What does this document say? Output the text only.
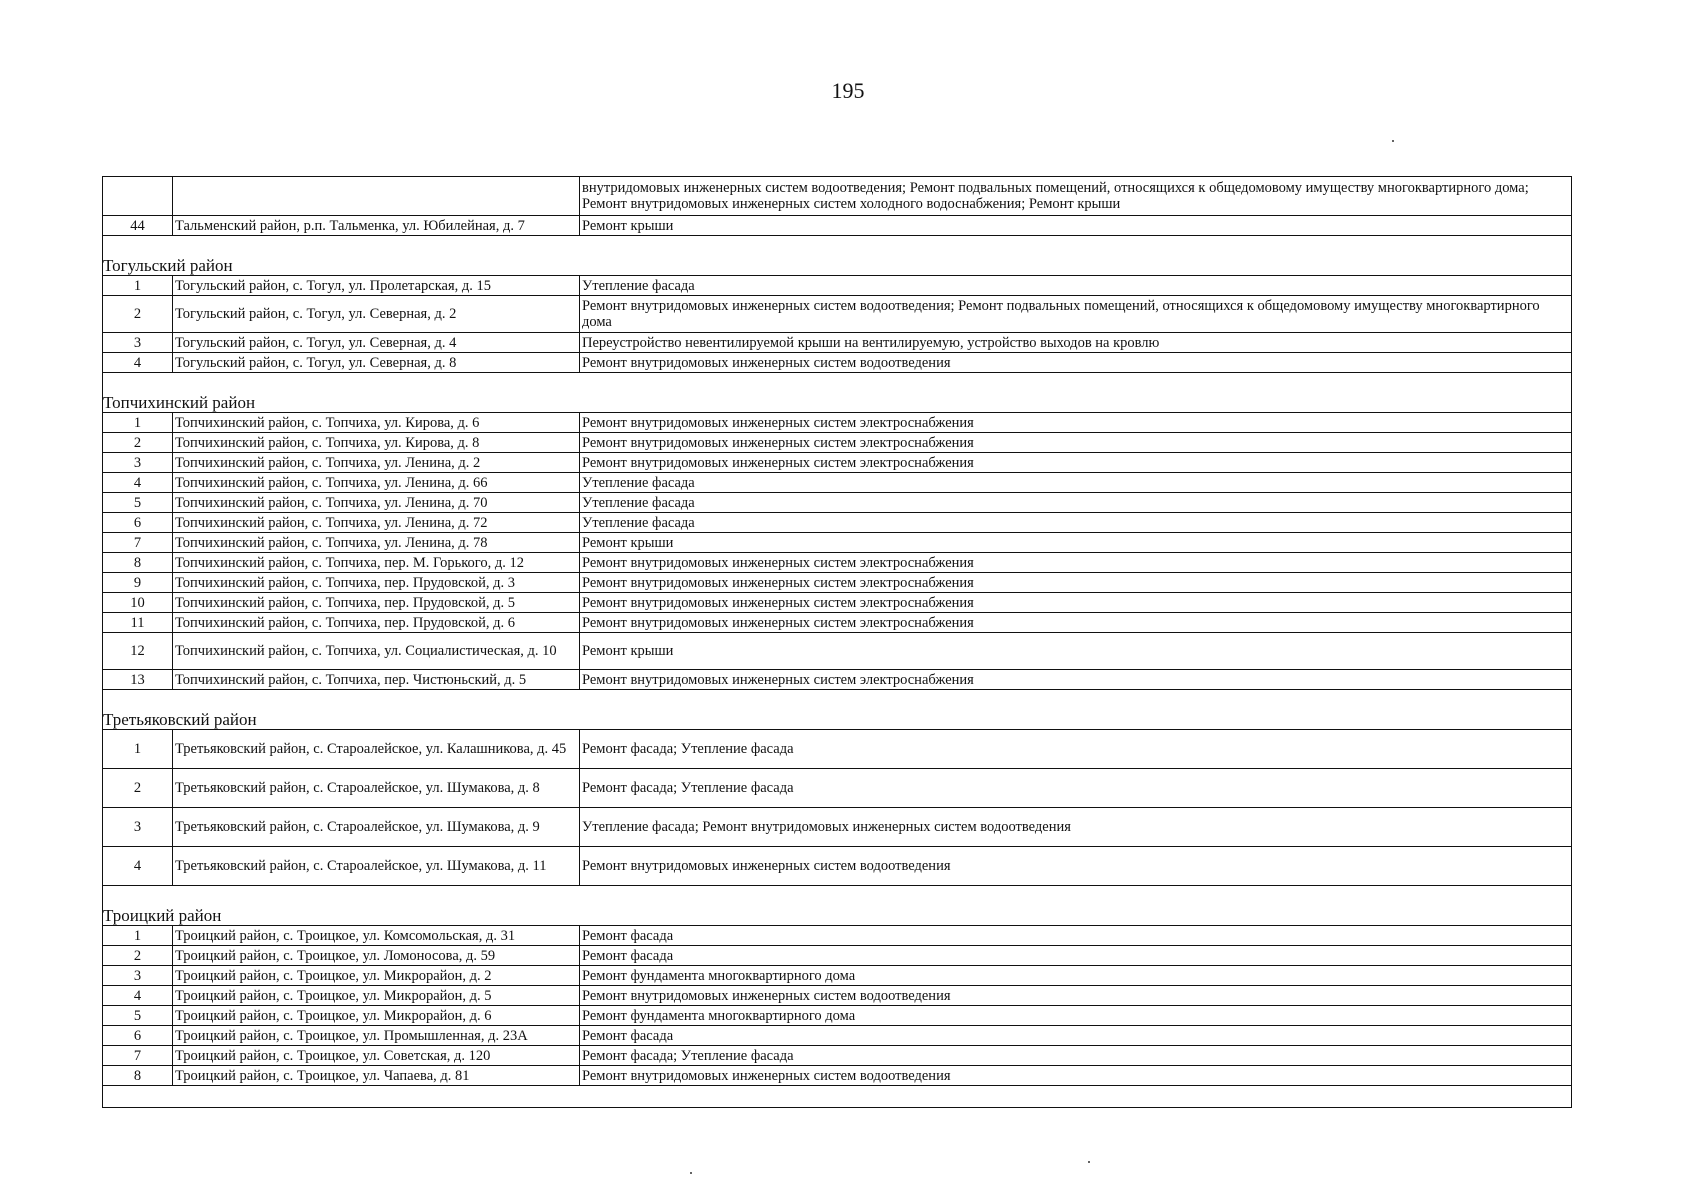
195
		внутридомовых инженерных систем водоотведения; Ремонт подвальных помещений, относящихся к общедомовому имуществу многоквартирного дома; Ремонт внутридомовых инженерных систем холодного водоснабжения; Ремонт крыши
44	Тальменский район, р.п. Тальменка, ул. Юбилейная, д. 7	Ремонт крыши
Тогульский район		
1	Тогульский район, с. Тогул, ул. Пролетарская, д. 15	Утепление фасада
2	Тогульский район, с. Тогул, ул. Северная, д. 2	Ремонт внутридомовых инженерных систем водоотведения; Ремонт подвальных помещений, относящихся к общедомовому имуществу многоквартирного дома
3	Тогульский район, с. Тогул, ул. Северная, д. 4	Переустройство невентилируемой крыши на вентилируемую, устройство выходов на кровлю
4	Тогульский район, с. Тогул, ул. Северная, д. 8	Ремонт внутридомовых инженерных систем водоотведения
Топчихинский район		
1	Топчихинский район, с. Топчиха, ул. Кирова, д. 6	Ремонт внутридомовых инженерных систем электроснабжения
2	Топчихинский район, с. Топчиха, ул. Кирова, д. 8	Ремонт внутридомовых инженерных систем электроснабжения
3	Топчихинский район, с. Топчиха, ул. Ленина, д. 2	Ремонт внутридомовых инженерных систем электроснабжения
4	Топчихинский район, с. Топчиха, ул. Ленина, д. 66	Утепление фасада
5	Топчихинский район, с. Топчиха, ул. Ленина, д. 70	Утепление фасада
6	Топчихинский район, с. Топчиха, ул. Ленина, д. 72	Утепление фасада
7	Топчихинский район, с. Топчиха, ул. Ленина, д. 78	Ремонт крыши
8	Топчихинский район, с. Топчиха, пер. М. Горького, д. 12	Ремонт внутридомовых инженерных систем электроснабжения
9	Топчихинский район, с. Топчиха, пер. Прудовской, д. 3	Ремонт внутридомовых инженерных систем электроснабжения
10	Топчихинский район, с. Топчиха, пер. Прудовской, д. 5	Ремонт внутридомовых инженерных систем электроснабжения
11	Топчихинский район, с. Топчиха, пер. Прудовской, д. 6	Ремонт внутридомовых инженерных систем электроснабжения
12	Топчихинский район, с. Топчиха, ул. Социалистическая, д. 10	Ремонт крыши
13	Топчихинский район, с. Топчиха, пер. Чистюньский, д. 5	Ремонт внутридомовых инженерных систем электроснабжения
Третьяковский район		
1	Третьяковский район, с. Староалейское, ул. Калашникова, д. 45	Ремонт фасада; Утепление фасада
2	Третьяковский район, с. Староалейское, ул. Шумакова, д. 8	Ремонт фасада; Утепление фасада
3	Третьяковский район, с. Староалейское, ул. Шумакова, д. 9	Утепление фасада; Ремонт внутридомовых инженерных систем водоотведения
4	Третьяковский район, с. Староалейское, ул. Шумакова, д. 11	Ремонт внутридомовых инженерных систем водоотведения
Троицкий район		
1	Троицкий район, с. Троицкое, ул. Комсомольская, д. 31	Ремонт фасада
2	Троицкий район, с. Троицкое, ул. Ломоносова, д. 59	Ремонт фасада
3	Троицкий район, с. Троицкое, ул. Микрорайон, д. 2	Ремонт фундамента многоквартирного дома
4	Троицкий район, с. Троицкое, ул. Микрорайон, д. 5	Ремонт внутридомовых инженерных систем водоотведения
5	Троицкий район, с. Троицкое, ул. Микрорайон, д. 6	Ремонт фундамента многоквартирного дома
6	Троицкий район, с. Троицкое, ул. Промышленная, д. 23А	Ремонт фасада
7	Троицкий район, с. Троицкое, ул. Советская, д. 120	Ремонт фасада; Утепление фасада
8	Троицкий район, с. Троицкое, ул. Чапаева, д. 81	Ремонт внутридомовых инженерных систем водоотведения
